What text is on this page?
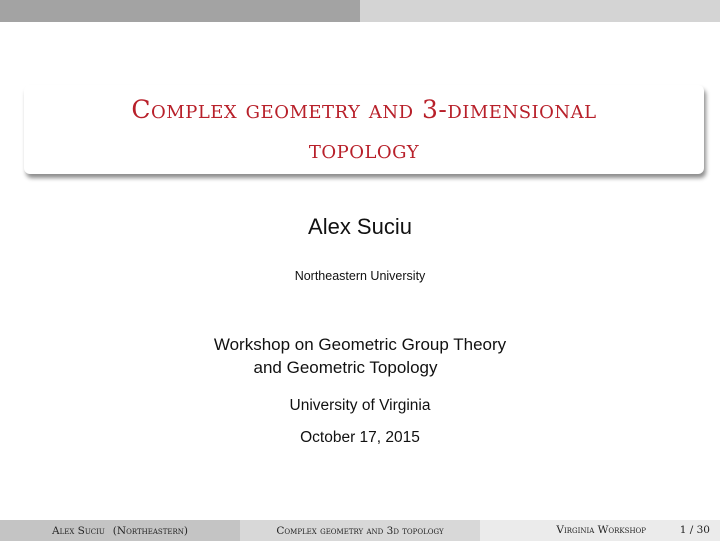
Complex geometry and 3-dimensional
topology
Alex Suciu
Northeastern University
Workshop on Geometric Group Theory
and Geometric Topology
University of Virginia
October 17, 2015
Alex Suciu (Northeastern)	Complex geometry and 3d topology	Virginia Workshop	1 / 30
